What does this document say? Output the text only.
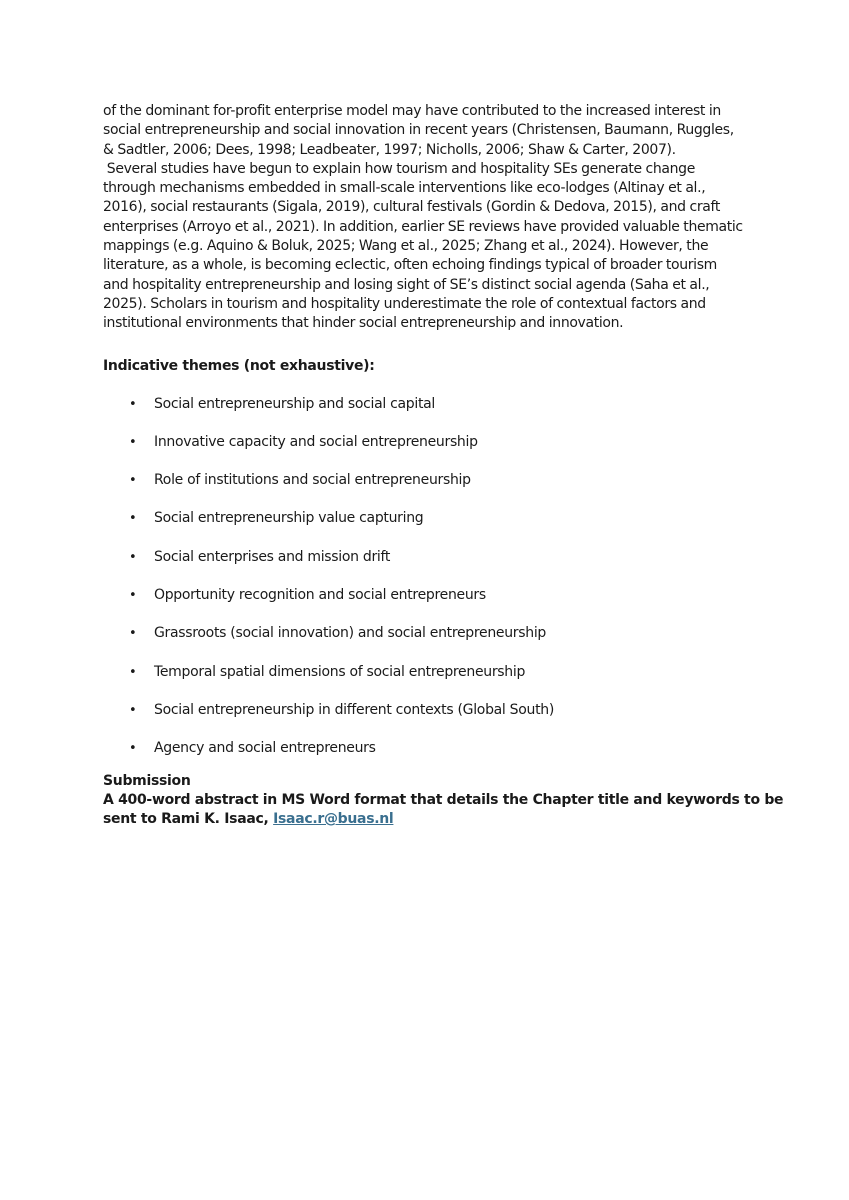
of the dominant for-profit enterprise model may have contributed to the increased interest in
social entrepreneurship and social innovation in recent years (Christensen, Baumann, Ruggles,
& Sadtler, 2006; Dees, 1998; Leadbeater, 1997; Nicholls, 2006; Shaw & Carter, 2007).
Several studies have begun to explain how tourism and hospitality SEs generate change
through mechanisms embedded in small-scale interventions like eco-lodges (Altinay et al.,
2016), social restaurants (Sigala, 2019), cultural festivals (Gordin & Dedova, 2015), and craft
enterprises (Arroyo et al., 2021). In addition, earlier SE reviews have provided valuable thematic
mappings (e.g. Aquino & Boluk, 2025; Wang et al., 2025; Zhang et al., 2024). However, the
literature, as a whole, is becoming eclectic, often echoing findings typical of broader tourism
and hospitality entrepreneurship and losing sight of SE’s distinct social agenda (Saha et al.,
2025). Scholars in tourism and hospitality underestimate the role of contextual factors and
institutional environments that hinder social entrepreneurship and innovation.

Indicative themes (not exhaustive):

• Social entrepreneurship and social capital
• Innovative capacity and social entrepreneurship
• Role of institutions and social entrepreneurship
• Social entrepreneurship value capturing
• Social enterprises and mission drift
• Opportunity recognition and social entrepreneurs
• Grassroots (social innovation) and social entrepreneurship
• Temporal spatial dimensions of social entrepreneurship
• Social entrepreneurship in different contexts (Global South)
• Agency and social entrepreneurs

Submission

A 400-word abstract in MS Word format that details the Chapter title and keywords to be
sent to Rami K. Isaac, Isaac.r@buas.nl
